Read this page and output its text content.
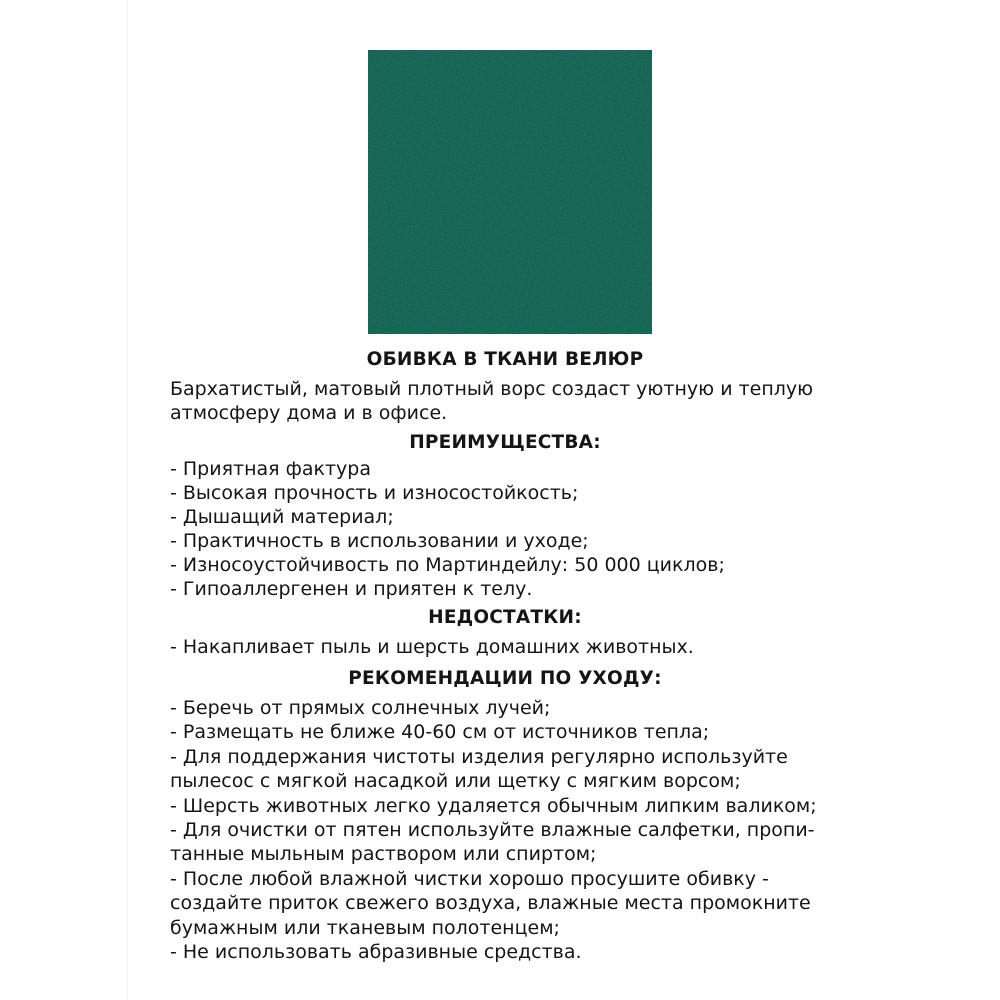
ОБИВКА В ТКАНИ ВЕЛЮР

Бархатистый, матовый плотный ворс создаст уютную и теплую

атмосферу дома и в офисе.

ПРЕИМУЩЕСТВА:
- Приятная фактура
- Высокая прочность и износостойкость;
- Дышащий материал;
- Практичность в использовании и уходе;
- Износоустойчивость по Мартиндейлу: 50 000 циклов;
- Гипоаллергенен и приятен к телу.
НЕДОСТАТКИ:
- Накапливает пыль и шерсть домашних животных.
РЕКОМЕНДАЦИИ ПО УХОДУ:
- Беречь от прямых солнечных лучей;
- Размещать не ближе 40-60 см от источников тепла;
- Для поддержания чистоты изделия регулярно используйте
пылесос с мягкой насадкой или щетку с мягким ворсом;
- Шерсть животных легко удаляется обычным липким валиком;
- Для очистки от пятен используйте влажные салфетки, пропи-
танные мыльным раствором или спиртом;
- После любой влажной чистки хорошо просушите обивку -
создайте приток свежего воздуха, влажные места промокните
бумажным или тканевым полотенцем;
- Не использовать абразивные средства.
